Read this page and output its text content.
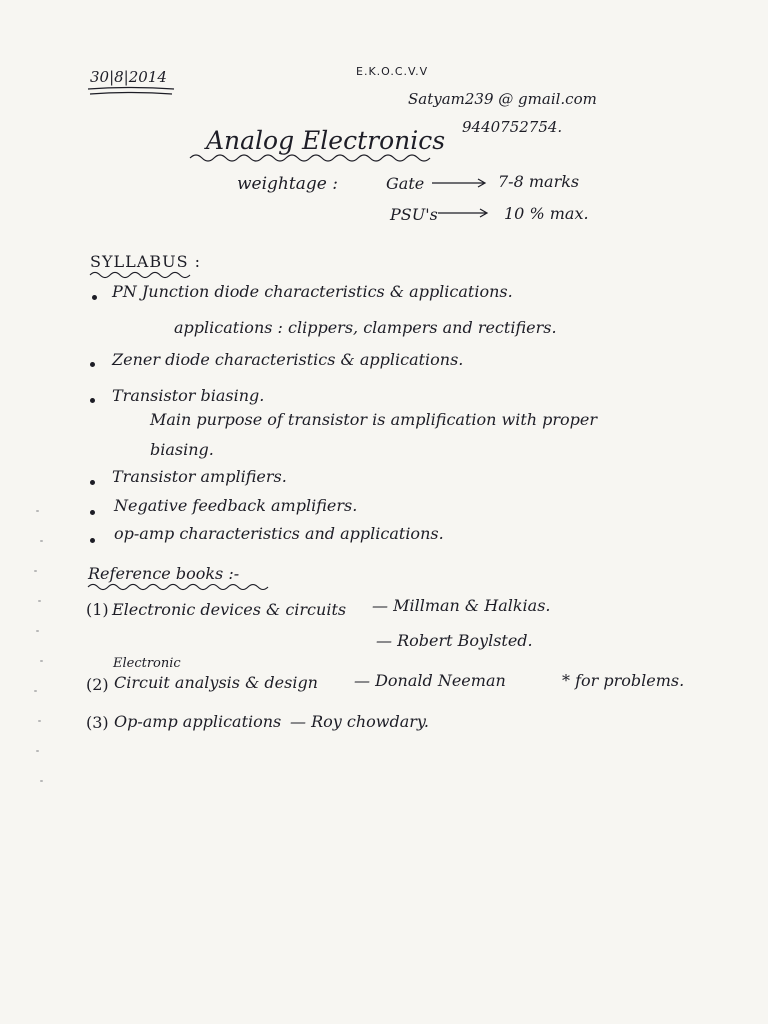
30|8|2014	E.K.O.C.V.V
Satyam239 @ gmail.com
9440752754.
Analog Electronics
weightage :	Gate	7-8 marks
PSU's	10 % max.
SYLLABUS :
PN Junction diode characteristics & applications.
applications : clippers, clampers and rectifiers.
Zener diode characteristics & applications.
Transistor biasing.
Main purpose of transistor is amplification with proper
biasing.
Transistor amplifiers.
Negative feedback amplifiers.
op-amp characteristics and applications.
Reference books :-
(1) Electronic devices & circuits — Millman & Halkias.
— Robert Boylsted.
Electronic
(2) Circuit analysis & design — Donald Neeman	* for problems.
(3) Op-amp applications — Roy chowdary.
